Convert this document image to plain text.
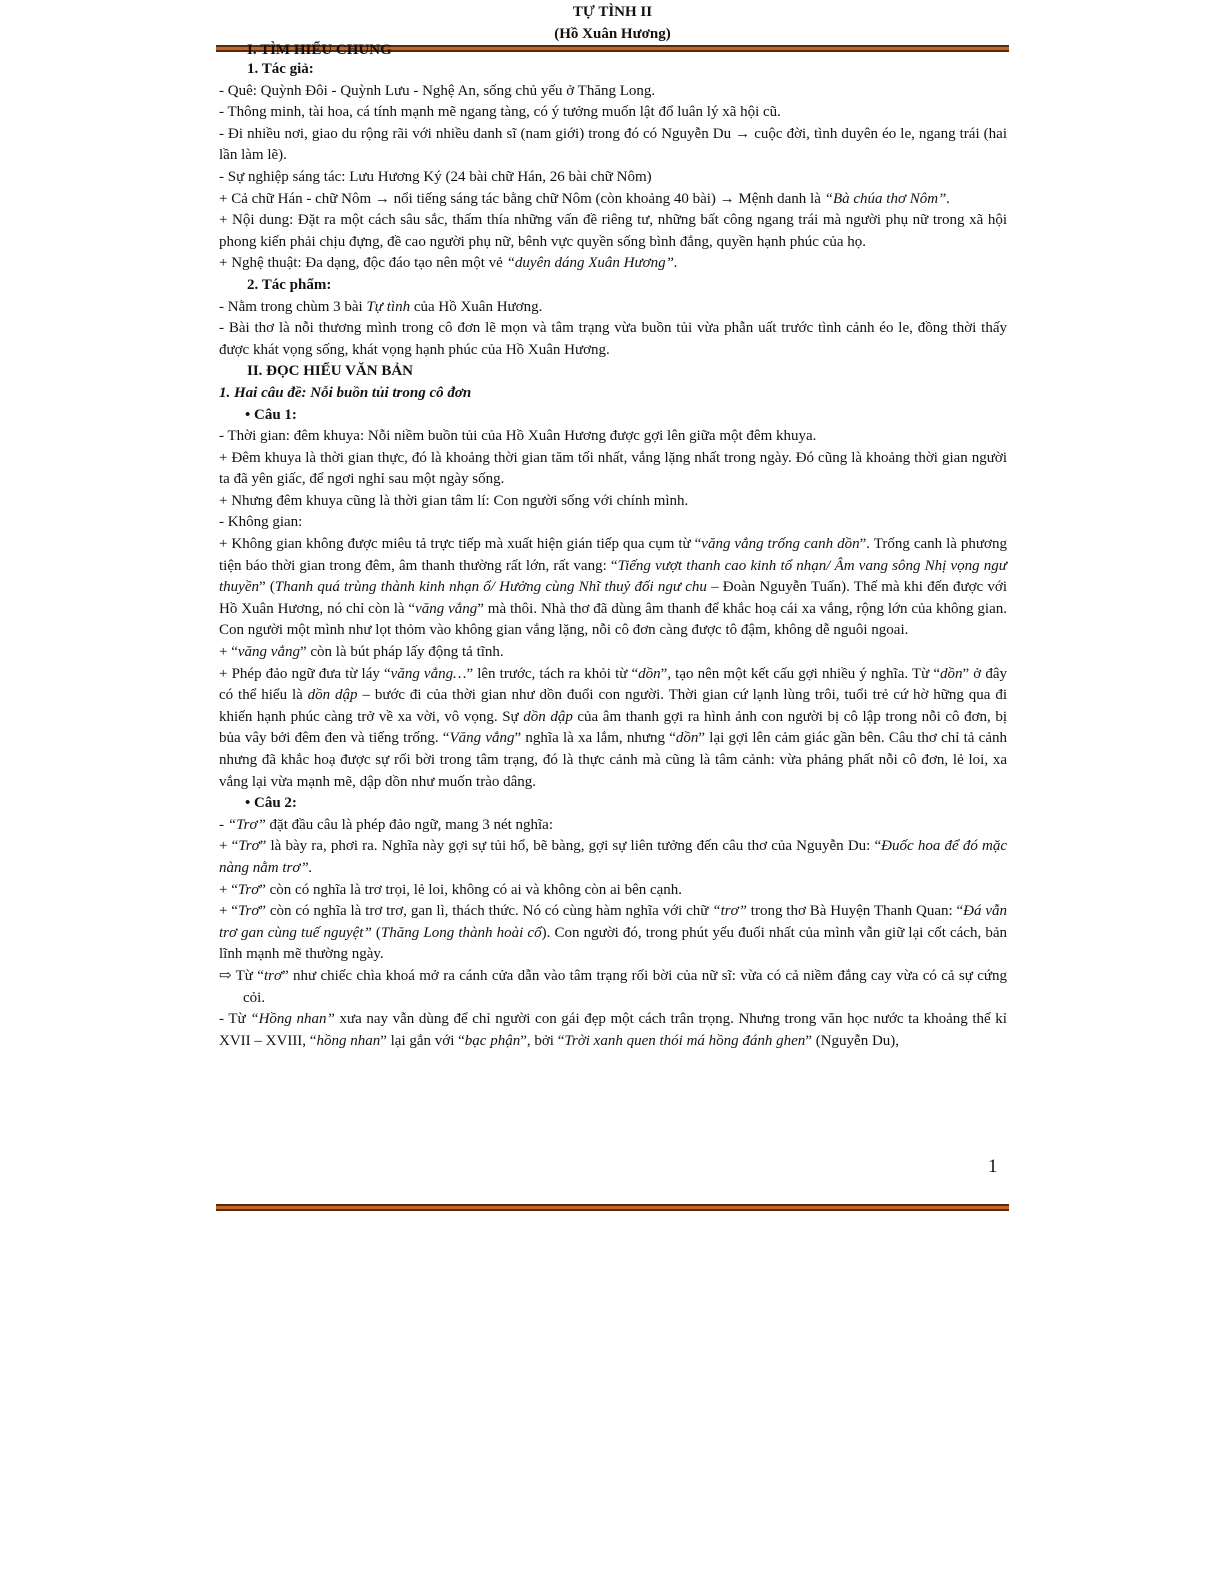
TỰ TÌNH II
(Hồ Xuân Hương)

I. TÌM HIỂU CHUNG

1. Tác giả:

- Quê: Quỳnh Đôi - Quỳnh Lưu - Nghệ An, sống chủ yếu ở Thăng Long.

- Thông minh, tài hoa, cá tính mạnh mẽ ngang tàng, có ý tưởng muốn lật đổ luân lý xã hội cũ.

- Đi nhiều nơi, giao du rộng rãi với nhiều danh sĩ (nam giới) trong đó có Nguyễn Du → cuộc đời, tình duyên éo le, ngang trái (hai lần làm lẽ).

- Sự nghiệp sáng tác: Lưu Hương Ký (24 bài chữ Hán, 26 bài chữ Nôm)

+ Cả chữ Hán - chữ Nôm → nổi tiếng sáng tác bằng chữ Nôm (còn khoảng 40 bài) → Mệnh danh là “Bà chúa thơ Nôm”.

+ Nội dung: Đặt ra một cách sâu sắc, thấm thía những vấn đề riêng tư, những bất công ngang trái mà người phụ nữ trong xã hội phong kiến phải chịu đựng, đề cao người phụ nữ, bênh vực quyền sống bình đẳng, quyền hạnh phúc của họ.

+ Nghệ thuật: Đa dạng, độc đáo tạo nên một vẻ “duyên dáng Xuân Hương”.

2. Tác phẩm:

- Nằm trong chùm 3 bài Tự tình của Hồ Xuân Hương.

- Bài thơ là nỗi thương mình trong cô đơn lẽ mọn và tâm trạng vừa buồn tủi vừa phẫn uất trước tình cảnh éo le, đồng thời thấy được khát vọng sống, khát vọng hạnh phúc của Hồ Xuân Hương.

II. ĐỌC HIỂU VĂN BẢN

1. Hai câu đề: Nỗi buồn tủi trong cô đơn

• Câu 1:

- Thời gian: đêm khuya: Nỗi niềm buồn tủi của Hồ Xuân Hương được gợi lên giữa một đêm khuya.

+ Đêm khuya là thời gian thực, đó là khoảng thời gian tăm tối nhất, vắng lặng nhất trong ngày. Đó cũng là khoảng thời gian người ta đã yên giấc, để ngơi nghỉ sau một ngày sống.

+ Nhưng đêm khuya cũng là thời gian tâm lí: Con người sống với chính mình.

- Không gian:

+ Không gian không được miêu tả trực tiếp mà xuất hiện gián tiếp qua cụm từ “văng vẳng trống canh dồn”. Trống canh là phương tiện báo thời gian trong đêm, âm thanh thường rất lớn, rất vang: “Tiếng vượt thanh cao kinh tổ nhạn/ Âm vang sông Nhị vọng ngư thuyền” (Thanh quá trùng thành kinh nhạn ổ/ Hưởng cùng Nhĩ thuỷ đối ngư chu – Đoàn Nguyễn Tuấn). Thế mà khi đến được với Hồ Xuân Hương, nó chỉ còn là “văng vẳng” mà thôi. Nhà thơ đã dùng âm thanh để khắc hoạ cái xa vắng, rộng lớn của không gian. Con người một mình như lọt thỏm vào không gian vắng lặng, nỗi cô đơn càng được tô đậm, không dễ nguôi ngoai.

+ “văng vẳng” còn là bút pháp lấy động tả tĩnh.

+ Phép đảo ngữ đưa từ láy “văng vẳng…” lên trước, tách ra khỏi từ “dồn”, tạo nên một kết cấu gợi nhiều ý nghĩa. Từ “dồn” ở đây có thể hiểu là dồn dập – bước đi của thời gian như dồn đuổi con người. Thời gian cứ lạnh lùng trôi, tuổi trẻ cứ hờ hững qua đi khiến hạnh phúc càng trở về xa vời, vô vọng. Sự dồn dập của âm thanh gợi ra hình ảnh con người bị cô lập trong nỗi cô đơn, bị bủa vây bởi đêm đen và tiếng trống. “Văng vẳng” nghĩa là xa lắm, nhưng “dồn” lại gợi lên cảm giác gần bên. Câu thơ chỉ tả cảnh nhưng đã khắc hoạ được sự rối bời trong tâm trạng, đó là thực cảnh mà cũng là tâm cảnh: vừa phảng phất nỗi cô đơn, lẻ loi, xa vắng lại vừa mạnh mẽ, dập dồn như muốn trào dâng.

• Câu 2:

- “Trơ” đặt đầu câu là phép đảo ngữ, mang 3 nét nghĩa:

+ “Trơ” là bày ra, phơi ra. Nghĩa này gợi sự tủi hổ, bẽ bàng, gợi sự liên tưởng đến câu thơ của Nguyễn Du: “Đuốc hoa để đó mặc nàng nằm trơ”.

+ “Trơ” còn có nghĩa là trơ trọi, lẻ loi, không có ai và không còn ai bên cạnh.

+ “Trơ” còn có nghĩa là trơ trơ, gan lì, thách thức. Nó có cùng hàm nghĩa với chữ “trơ” trong thơ Bà Huyện Thanh Quan: “Đá vẫn trơ gan cùng tuế nguyệt” (Thăng Long thành hoài cổ). Con người đó, trong phút yếu đuối nhất của mình vẫn giữ lại cốt cách, bản lĩnh mạnh mẽ thường ngày.

⇨ Từ “trơ” như chiếc chìa khoá mở ra cánh cửa dẫn vào tâm trạng rối bời của nữ sĩ: vừa có cả niềm đắng cay vừa có cả sự cứng cỏi.

- Từ “Hồng nhan” xưa nay vẫn dùng để chỉ người con gái đẹp một cách trân trọng. Nhưng trong văn học nước ta khoảng thế kỉ XVII – XVIII, “hồng nhan” lại gắn với “bạc phận”, bởi “Trời xanh quen thói má hồng đánh ghen” (Nguyễn Du),

1
